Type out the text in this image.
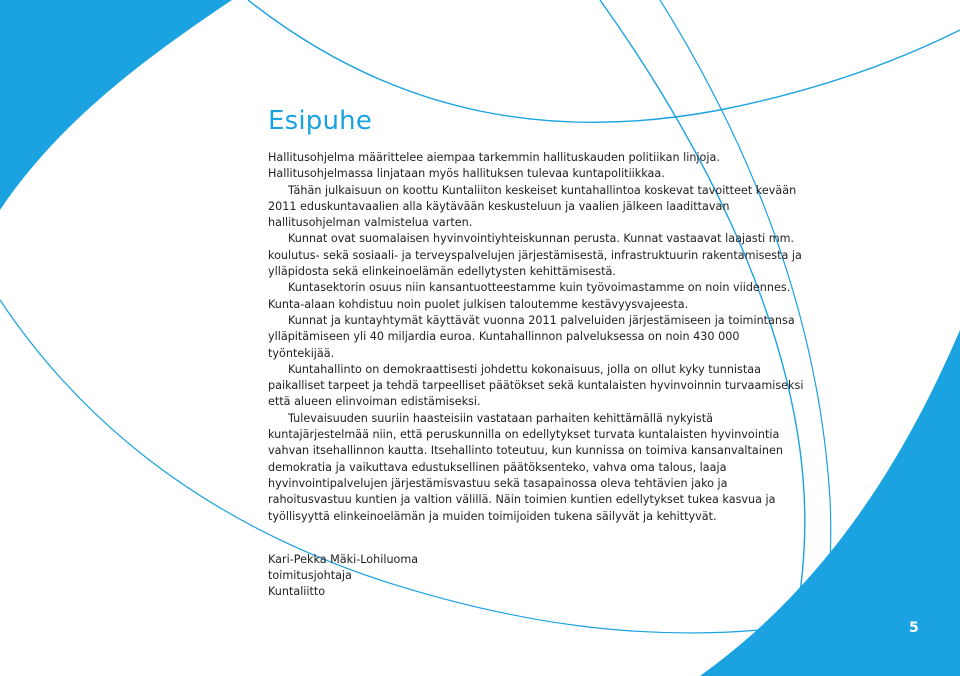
Esipuhe

Hallitusohjelma määrittelee aiempaa tarkemmin hallituskauden politiikan linjoja. Hallitusohjelmassa linjataan myös hallituksen tulevaa kuntapolitiikkaa.

Tähän julkaisuun on koottu Kuntaliiton keskeiset kuntahallintoa koskevat tavoitteet kevään 2011 eduskuntavaalien alla käytävään keskusteluun ja vaalien jälkeen laadittavan hallitusohjelman valmistelua varten.

Kunnat ovat suomalaisen hyvinvointiyhteiskunnan perusta. Kunnat vastaavat laajasti mm. koulutus- sekä sosiaali- ja terveyspalvelujen järjestämisestä, infrastruktuurin rakentamisesta ja ylläpidosta sekä elinkeinoelämän edellytysten kehittämisestä.

Kuntasektorin osuus niin kansantuotteestamme kuin työvoimastamme on noin viidennes. Kunta-alaan kohdistuu noin puolet julkisen taloutemme kestävyysvajeesta.

Kunnat ja kuntayhtymät käyttävät vuonna 2011 palveluiden järjestämiseen ja toimintansa ylläpitämiseen yli 40 miljardia euroa. Kuntahallinnon palveluksessa on noin 430 000 työntekijää.

Kuntahallinto on demokraattisesti johdettu kokonaisuus, jolla on ollut kyky tunnistaa paikalliset tarpeet ja tehdä tarpeelliset päätökset sekä kuntalaisten hyvinvoinnin turvaamiseksi että alueen elinvoiman edistämiseksi.

Tulevaisuuden suuriin haasteisiin vastataan parhaiten kehittämällä nykyistä kuntajärjestelmää niin, että peruskunnilla on edellytykset turvata kuntalaisten hyvinvointia vahvan itsehallinnon kautta. Itsehallinto toteutuu, kun kunnissa on toimiva kansanvaltainen demokratia ja vaikuttava edustuksellinen päätöksenteko, vahva oma talous, laaja hyvinvointipalvelujen järjestämisvastuu sekä tasapainossa oleva tehtävien jako ja rahoitusvastuu kuntien ja valtion välillä. Näin toimien kuntien edellytykset tukea kasvua ja työllisyyttä elinkeinoelämän ja muiden toimijoiden tukena säilyvät ja kehittyvät.

Kari-Pekka Mäki-Lohiluoma
toimitusjohtaja
Kuntaliitto
5
